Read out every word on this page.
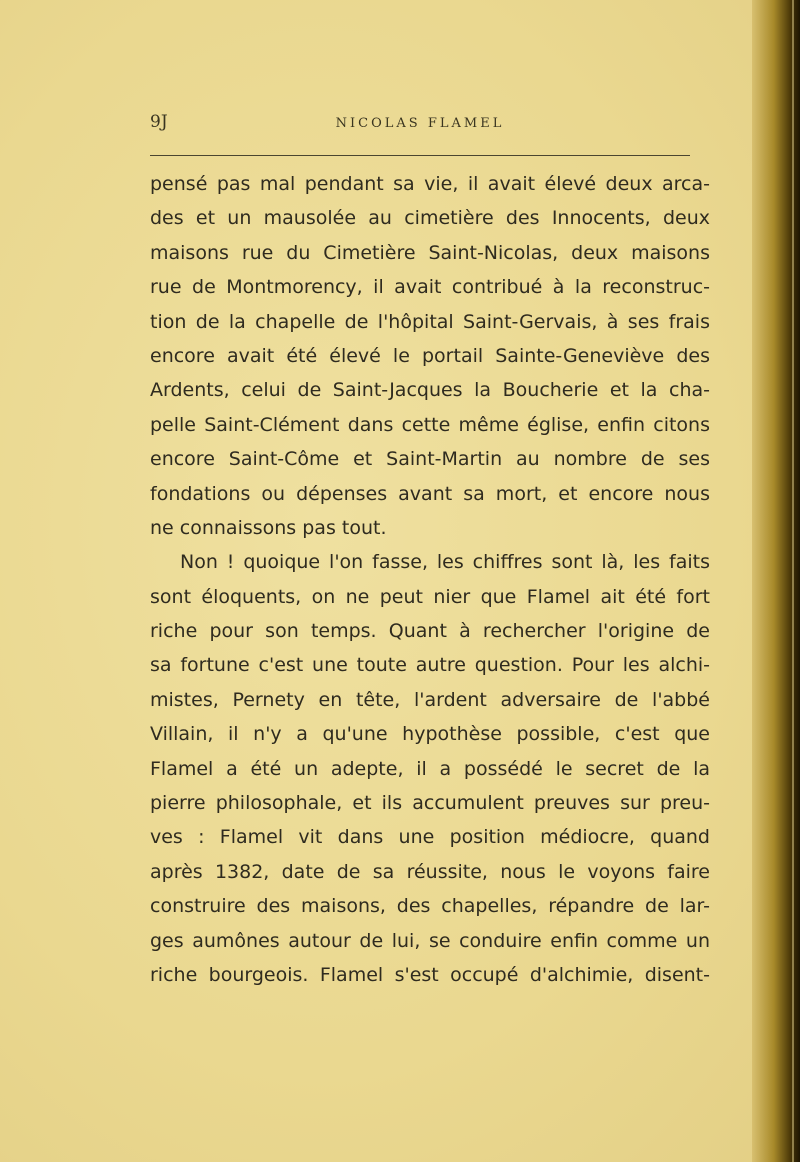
9J	NICOLAS FLAMEL
pensé pas mal pendant sa vie, il avait élevé deux arca-
des et un mausolée au cimetière des Innocents, deux
maisons rue du Cimetière Saint-Nicolas, deux maisons
rue de Montmorency, il avait contribué à la reconstruc-
tion de la chapelle de l'hôpital Saint-Gervais, à ses frais
encore avait été élevé le portail Sainte-Geneviève des
Ardents, celui de Saint-Jacques la Boucherie et la cha-
pelle Saint-Clément dans cette même église, enfin citons
encore Saint-Côme et Saint-Martin au nombre de ses
fondations ou dépenses avant sa mort, et encore nous
ne connaissons pas tout.
Non ! quoique l'on fasse, les chiffres sont là, les faits
sont éloquents, on ne peut nier que Flamel ait été fort
riche pour son temps. Quant à rechercher l'origine de
sa fortune c'est une toute autre question. Pour les alchi-
mistes, Pernety en tête, l'ardent adversaire de l'abbé
Villain, il n'y a qu'une hypothèse possible, c'est que
Flamel a été un adepte, il a possédé le secret de la
pierre philosophale, et ils accumulent preuves sur preu-
ves : Flamel vit dans une position médiocre, quand
après 1382, date de sa réussite, nous le voyons faire
construire des maisons, des chapelles, répandre de lar-
ges aumônes autour de lui, se conduire enfin comme un
riche bourgeois. Flamel s'est occupé d'alchimie, disent-
